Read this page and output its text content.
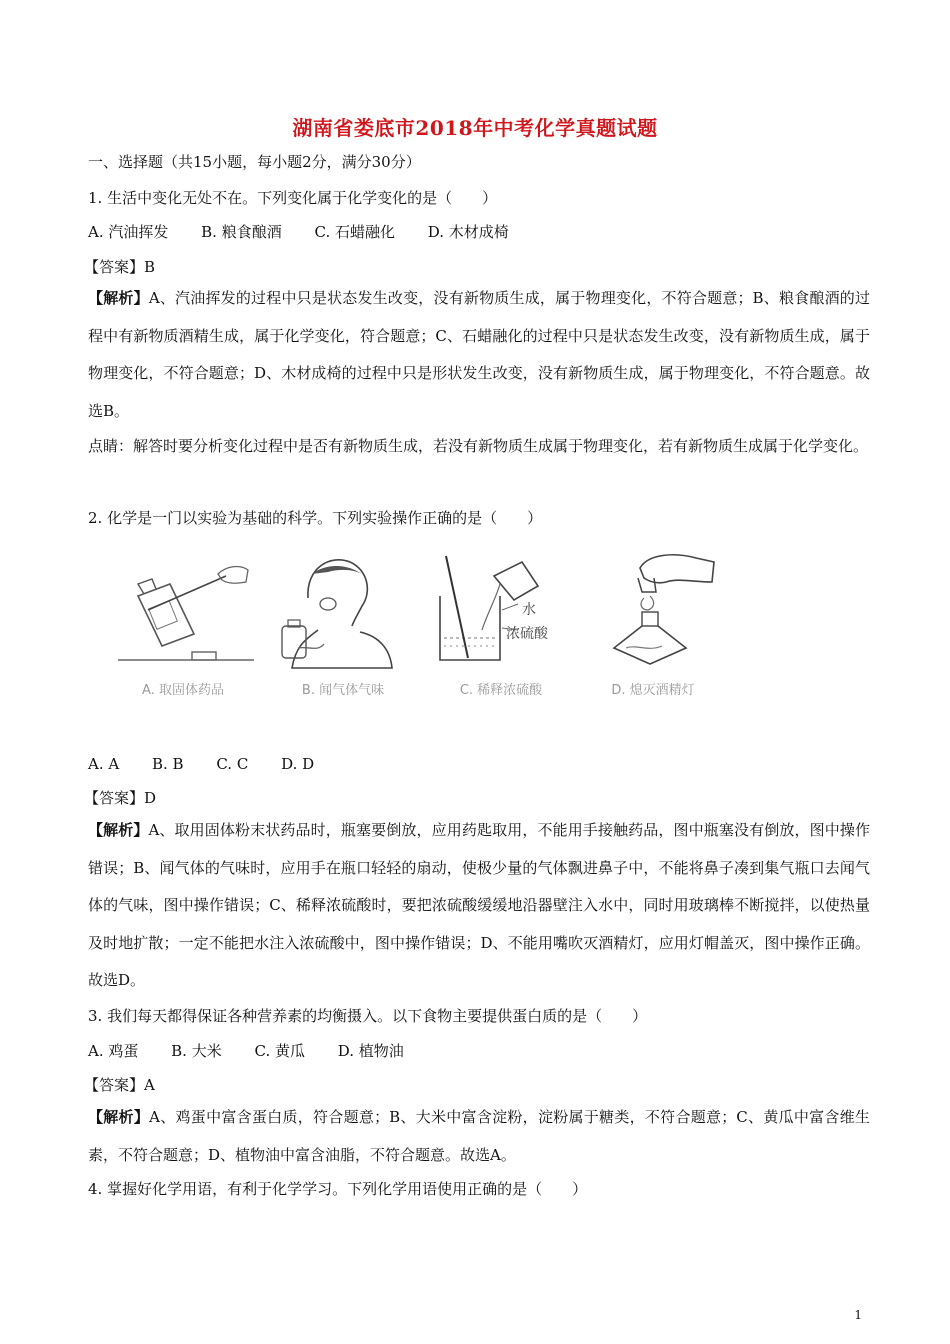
湖南省娄底市2018年中考化学真题试题
一、选择题（共15小题，每小题2分，满分30分）
1. 生活中变化无处不在。下列变化属于化学变化的是（　　）
A. 汽油挥发 B. 粮食酿酒 C. 石蜡融化 D. 木材成椅
【答案】B
【解析】A、汽油挥发的过程中只是状态发生改变，没有新物质生成，属于物理变化，不符合题意；B、粮食酿酒的过程中有新物质酒精生成，属于化学变化，符合题意；C、石蜡融化的过程中只是状态发生改变，没有新物质生成，属于物理变化，不符合题意；D、木材成椅的过程中只是形状发生改变，没有新物质生成，属于物理变化，不符合题意。故选B。
点睛：解答时要分析变化过程中是否有新物质生成，若没有新物质生成属于物理变化，若有新物质生成属于化学变化。
2. 化学是一门以实验为基础的科学。下列实验操作正确的是（　　）
A. 取固体药品	B. 闻气体气味
水
浓硫酸
C. 稀释浓硫酸	D. 熄灭酒精灯
A. A B. B C. C D. D
【答案】D
【解析】A、取用固体粉末状药品时，瓶塞要倒放，应用药匙取用，不能用手接触药品，图中瓶塞没有倒放，图中操作错误；B、闻气体的气味时，应用手在瓶口轻轻的扇动，使极少量的气体飘进鼻子中，不能将鼻子凑到集气瓶口去闻气体的气味，图中操作错误；C、稀释浓硫酸时，要把浓硫酸缓缓地沿器壁注入水中，同时用玻璃棒不断搅拌，以使热量及时地扩散；一定不能把水注入浓硫酸中，图中操作错误；D、不能用嘴吹灭酒精灯，应用灯帽盖灭，图中操作正确。故选D。
3. 我们每天都得保证各种营养素的均衡摄入。以下食物主要提供蛋白质的是（　　）
A. 鸡蛋 B. 大米 C. 黄瓜 D. 植物油
【答案】A
【解析】A、鸡蛋中富含蛋白质，符合题意；B、大米中富含淀粉，淀粉属于糖类，不符合题意；C、黄瓜中富含维生素，不符合题意；D、植物油中富含油脂，不符合题意。故选A。
4. 掌握好化学用语，有利于化学学习。下列化学用语使用正确的是（　　）
1
